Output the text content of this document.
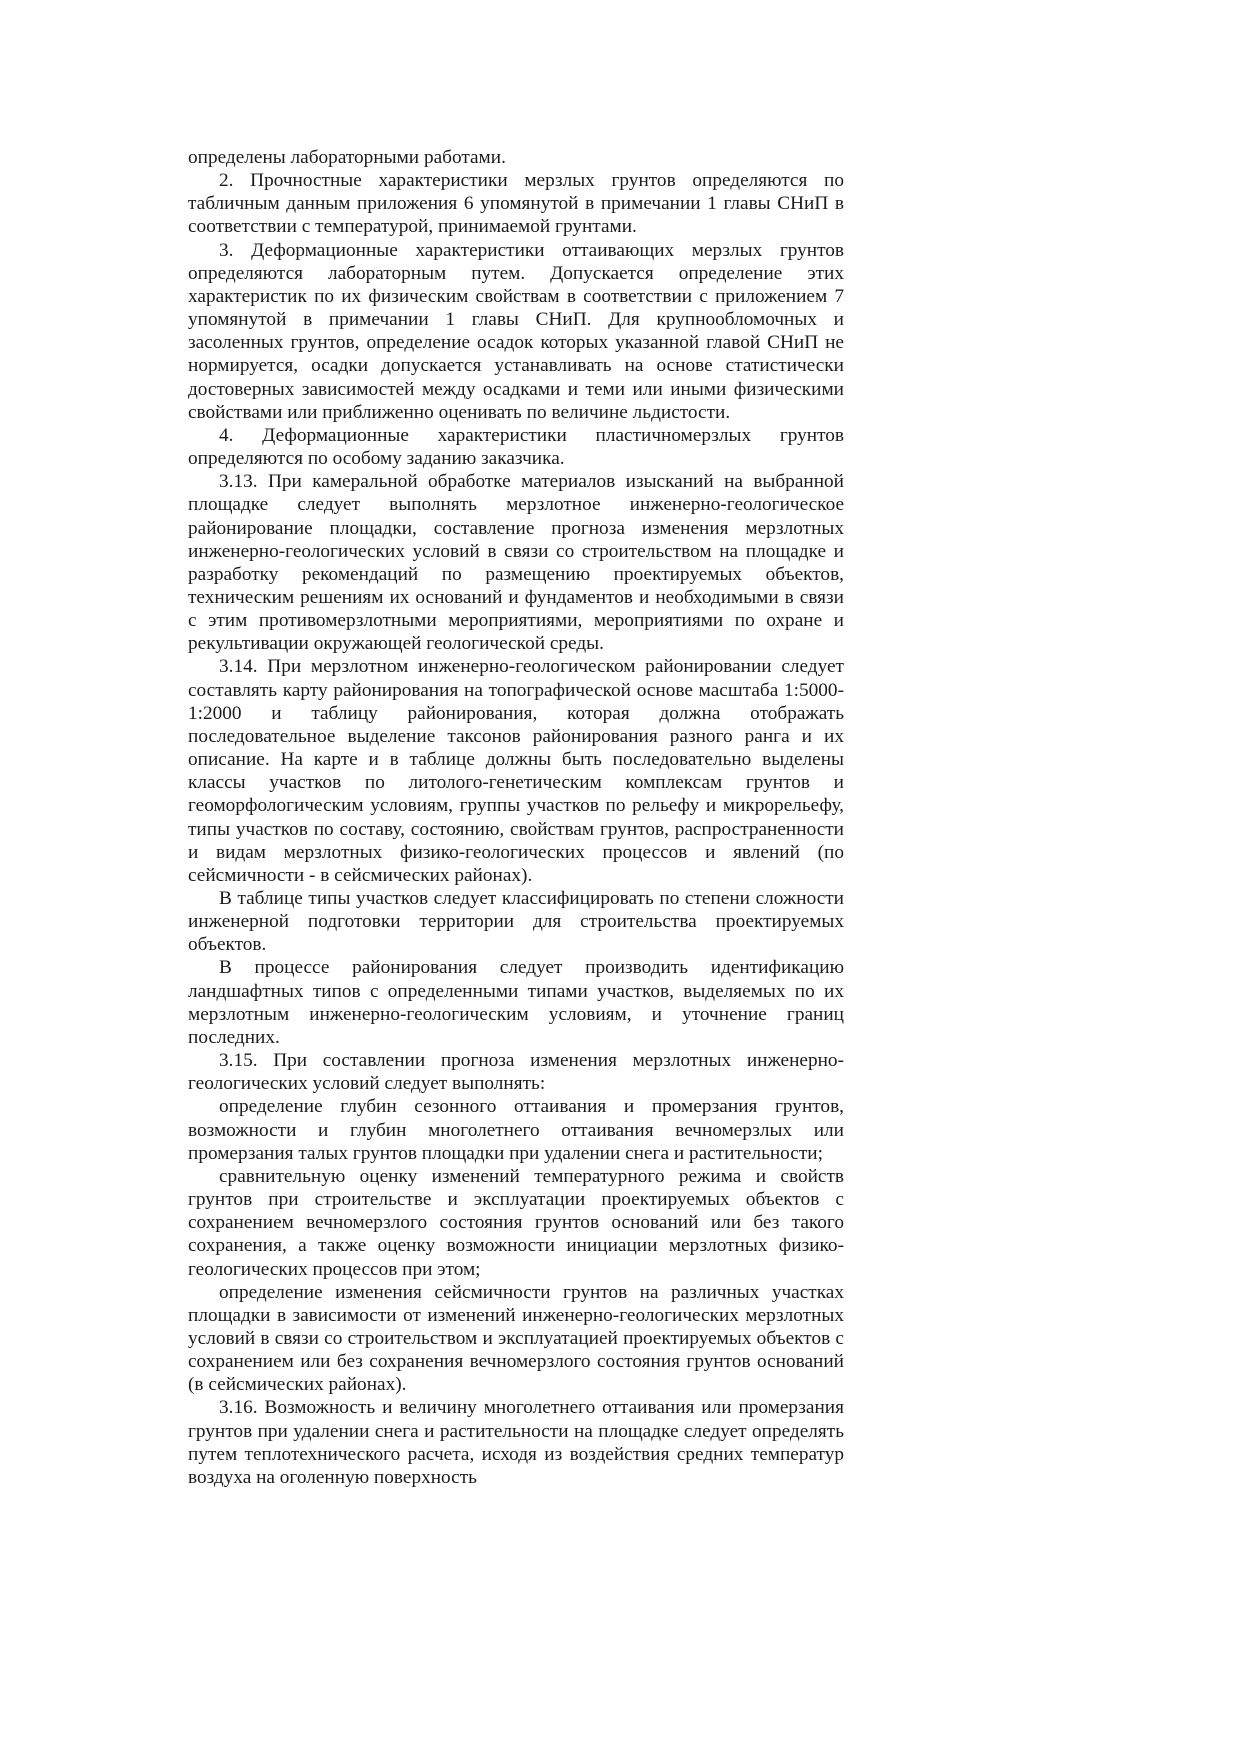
определены лабораторными работами.

2. Прочностные характеристики мерзлых грунтов определяются по табличным данным приложения 6 упомянутой в примечании 1 главы СНиП в соответствии с температурой, принимаемой грунтами.

3. Деформационные характеристики оттаивающих мерзлых грунтов определяются лабораторным путем. Допускается определение этих характеристик по их физическим свойствам в соответствии с приложением 7 упомянутой в примечании 1 главы СНиП. Для крупнообломочных и засоленных грунтов, определение осадок которых указанной главой СНиП не нормируется, осадки допускается устанавливать на основе статистически достоверных зависимостей между осадками и теми или иными физическими свойствами или приближенно оценивать по величине льдистости.

4. Деформационные характеристики пластичномерзлых грунтов определяются по особому заданию заказчика.

3.13. При камеральной обработке материалов изысканий на выбранной площадке следует выполнять мерзлотное инженерно-геологическое районирование площадки, составление прогноза изменения мерзлотных инженерно-геологических условий в связи со строительством на площадке и разработку рекомендаций по размещению проектируемых объектов, техническим решениям их оснований и фундаментов и необходимыми в связи с этим противомерзлотными мероприятиями, мероприятиями по охране и рекультивации окружающей геологической среды.

3.14. При мерзлотном инженерно-геологическом районировании следует составлять карту районирования на топографической основе масштаба 1:5000-1:2000 и таблицу районирования, которая должна отображать последовательное выделение таксонов районирования разного ранга и их описание. На карте и в таблице должны быть последовательно выделены классы участков по литолого-генетическим комплексам грунтов и геоморфологическим условиям, группы участков по рельефу и микрорельефу, типы участков по составу, состоянию, свойствам грунтов, распространенности и видам мерзлотных физико-геологических процессов и явлений (по сейсмичности - в сейсмических районах).

В таблице типы участков следует классифицировать по степени сложности инженерной подготовки территории для строительства проектируемых объектов.

В процессе районирования следует производить идентификацию ландшафтных типов с определенными типами участков, выделяемых по их мерзлотным инженерно-геологическим условиям, и уточнение границ последних.

3.15. При составлении прогноза изменения мерзлотных инженерно-геологических условий следует выполнять:

определение глубин сезонного оттаивания и промерзания грунтов, возможности и глубин многолетнего оттаивания вечномерзлых или промерзания талых грунтов площадки при удалении снега и растительности;

сравнительную оценку изменений температурного режима и свойств грунтов при строительстве и эксплуатации проектируемых объектов с сохранением вечномерзлого состояния грунтов оснований или без такого сохранения, а также оценку возможности инициации мерзлотных физико-геологических процессов при этом;

определение изменения сейсмичности грунтов на различных участках площадки в зависимости от изменений инженерно-геологических мерзлотных условий в связи со строительством и эксплуатацией проектируемых объектов с сохранением или без сохранения вечномерзлого состояния грунтов оснований (в сейсмических районах).

3.16. Возможность и величину многолетнего оттаивания или промерзания грунтов при удалении снега и растительности на площадке следует определять путем теплотехнического расчета, исходя из воздействия средних температур воздуха на оголенную поверхность
